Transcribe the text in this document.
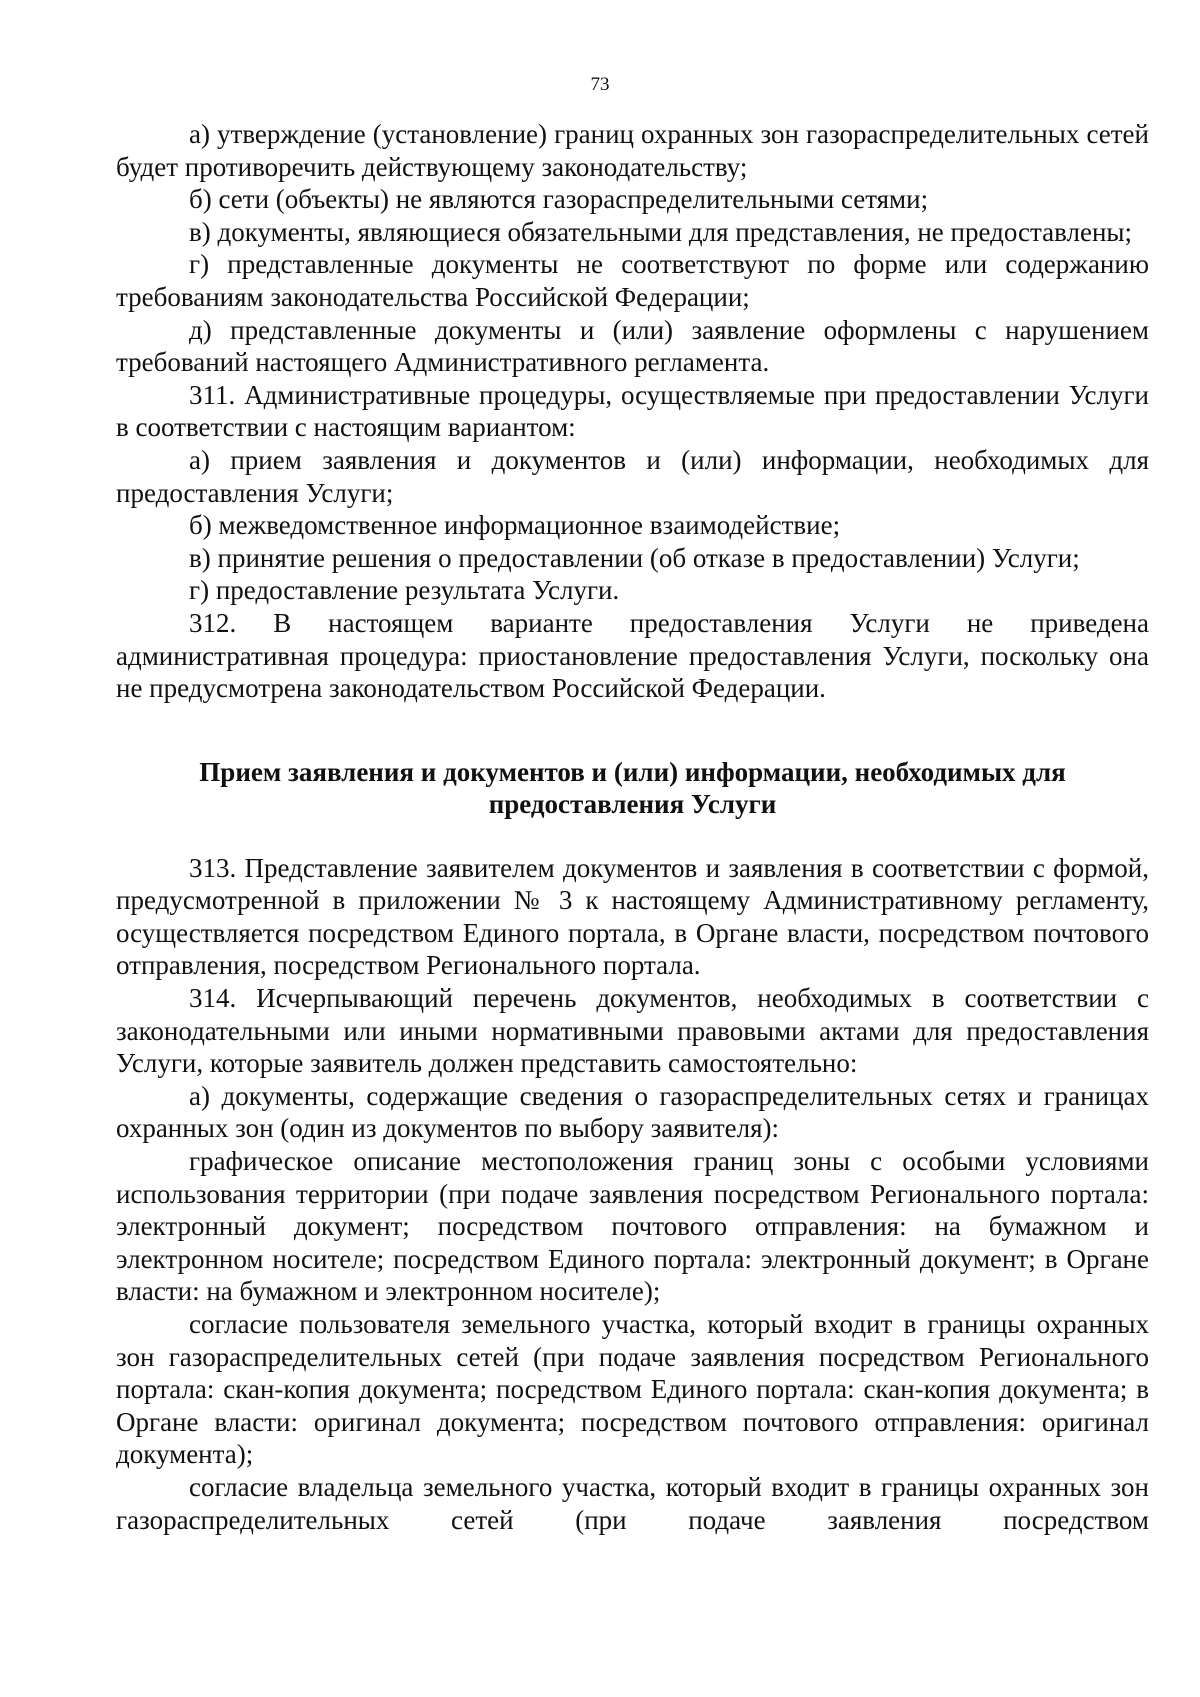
73

а) утверждение (установление) границ охранных зон газораспределительных сетей будет противоречить действующему законодательству;

б) сети (объекты) не являются газораспределительными сетями;

в) документы, являющиеся обязательными для представления, не предоставлены;

г) представленные документы не соответствуют по форме или содержанию требованиям законодательства Российской Федерации;

д) представленные документы и (или) заявление оформлены с нарушением требований настоящего Административного регламента.

311. Административные процедуры, осуществляемые при предоставлении Услуги в соответствии с настоящим вариантом:

а) прием заявления и документов и (или) информации, необходимых для предоставления Услуги;

б) межведомственное информационное взаимодействие;

в) принятие решения о предоставлении (об отказе в предоставлении) Услуги;

г) предоставление результата Услуги.

312. В настоящем варианте предоставления Услуги не приведена административная процедура: приостановление предоставления Услуги, поскольку она не предусмотрена законодательством Российской Федерации.

Прием заявления и документов и (или) информации, необходимых для предоставления Услуги

313. Представление заявителем документов и заявления в соответствии с формой, предусмотренной в приложении № 3 к настоящему Административному регламенту, осуществляется посредством Единого портала, в Органе власти, посредством почтового отправления, посредством Регионального портала.

314. Исчерпывающий перечень документов, необходимых в соответствии с законодательными или иными нормативными правовыми актами для предоставления Услуги, которые заявитель должен представить самостоятельно:

а) документы, содержащие сведения о газораспределительных сетях и границах охранных зон (один из документов по выбору заявителя):

графическое описание местоположения границ зоны с особыми условиями использования территории (при подаче заявления посредством Регионального портала: электронный документ; посредством почтового отправления: на бумажном и электронном носителе; посредством Единого портала: электронный документ; в Органе власти: на бумажном и электронном носителе);

согласие пользователя земельного участка, который входит в границы охранных зон газораспределительных сетей (при подаче заявления посредством Регионального портала: скан-копия документа; посредством Единого портала: скан-копия документа; в Органе власти: оригинал документа; посредством почтового отправления: оригинал документа);

согласие владельца земельного участка, который входит в границы охранных зон газораспределительных сетей (при подаче заявления посредством
